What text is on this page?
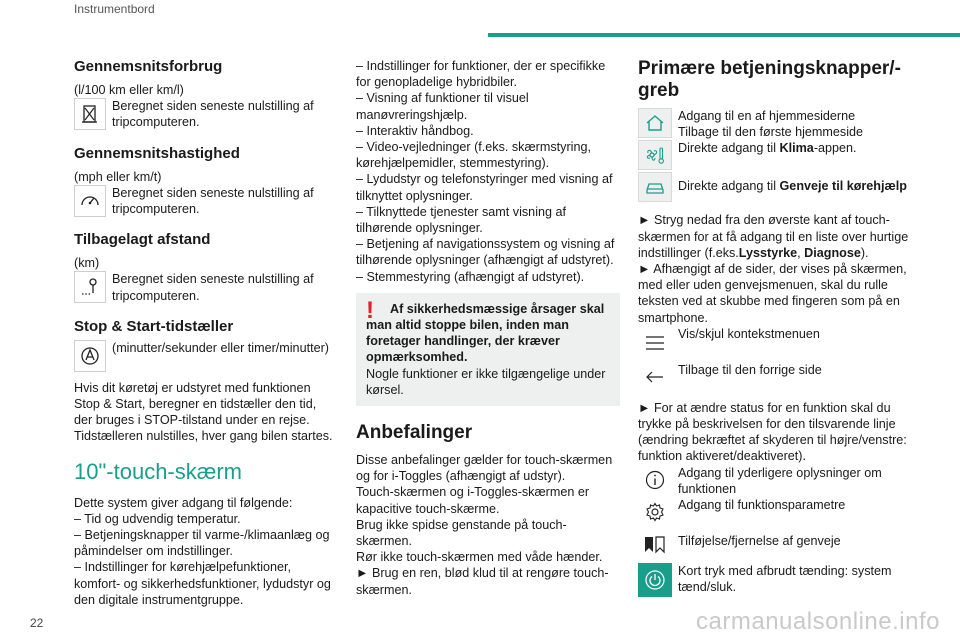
Instrumentbord
Gennemsnitsforbrug

(l/100 km eller km/l)

Beregnet siden seneste nulstilling af tripcomputeren.

Gennemsnitshastighed

(mph eller km/t)

Beregnet siden seneste nulstilling af tripcomputeren.

Tilbagelagt afstand

(km)

Beregnet siden seneste nulstilling af tripcomputeren.

Stop & Start-tidstæller

(minutter/sekunder eller timer/minutter)

Hvis dit køretøj er udstyret med funktionen Stop & Start, beregner en tidstæller den tid, der bruges i STOP-tilstand under en rejse. Tidstælleren nulstilles, hver gang bilen startes.

10"-touch-skærm

Dette system giver adgang til følgende:

– Tid og udvendig temperatur.

– Betjeningsknapper til varme-/klimaanlæg og påmindelser om indstillinger.

– Indstillinger for kørehjælpefunktioner, komfort- og sikkerhedsfunktioner, lydudstyr og den digitale instrumentgruppe.

– Indstillinger for funktioner, der er specifikke for genopladelige hybridbiler.

– Visning af funktioner til visuel manøvreringshjælp.

– Interaktiv håndbog.

– Video-vejledninger (f.eks. skærmstyring, kørehjælpemidler, stemmestyring).

– Lydudstyr og telefonstyringer med visning af tilknyttet oplysninger.

– Tilknyttede tjenester samt visning af tilhørende oplysninger.

– Betjening af navigationssystem og visning af tilhørende oplysninger (afhængigt af udstyret).

– Stemmestyring (afhængigt af udstyret).

!	Af sikkerhedsmæssige årsager skal man altid stoppe bilen, inden man foretager handlinger, der kræver opmærksomhed.

Nogle funktioner er ikke tilgængelige under kørsel.

Anbefalinger

Disse anbefalinger gælder for touch-skærmen og for i-Toggles (afhængigt af udstyr).

Touch-skærmen og i-Toggles-skærmen er kapacitive touch-skærme.

Brug ikke spidse genstande på touch-skærmen.

Rør ikke touch-skærmen med våde hænder.

► Brug en ren, blød klud til at rengøre touch-skærmen.

Primære betjeningsknapper/-greb

Adgang til en af hjemmesiderne

Tilbage til den første hjemmeside

Direkte adgang til Klima-appen.

Direkte adgang til Genveje til kørehjælp

► Stryg nedad fra den øverste kant af touch-skærmen for at få adgang til en liste over hurtige indstillinger (f.eks.Lysstyrke, Diagnose).

► Afhængigt af de sider, der vises på skærmen, med eller uden genvejsmenuen, skal du rulle teksten ved at skubbe med fingeren som på en smartphone.

Vis/skjul kontekstmenuen

Tilbage til den forrige side

► For at ændre status for en funktion skal du trykke på beskrivelsen for den tilsvarende linje (ændring bekræftet af skyderen til højre/venstre: funktion aktiveret/deaktiveret).

Adgang til yderligere oplysninger om funktionen

Adgang til funktionsparametre

Tilføjelse/fjernelse af genveje

Kort tryk med afbrudt tænding: system tænd/sluk.

22	carmanualsonline.info
